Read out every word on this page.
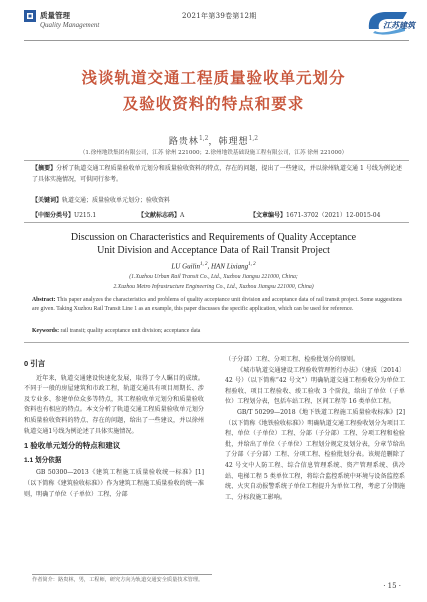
质量管理
Quality Management
2021年第39卷第12期
江苏建筑
浅谈轨道交通工程质量验收单元划分
及验收资料的特点和要求
路贵林$^{1,2}$，韩理想$^{1,2}$
（1.徐州地铁集团有限公司，江苏 徐州 221000；2.徐州地铁基础设施工程有限公司，江苏 徐州 221000）
【摘要】分析了轨道交通工程质量验收单元划分和质量验收资料的特点，存在的问题，提出了一些建议，并以徐州轨道交通 1 号线为例论述了具体实施情况，可供同行参考。
【关键词】轨道交通；质量验收单元划分；验收资料
【中图分类号】U215.1	【文献标志码】A	【文章编号】1671-3702（2021）12-0015-04
Discussion on Characteristics and Requirements of Quality Acceptance
Unit Division and Acceptance Data of Rail Transit Project
LU Guilin$^{1, 2}$, HAN Lixiang$^{1, 2}$
(1.Xuzhou Urban Rail Transit Co., Ltd., Xuzhou Jiangsu 221000, China;
2.Xuzhou Metro Infrastructure Engineering Co., Ltd., Xuzhou Jiangsu 221000, China)
Abstract: This paper analyzes the characteristics and problems of quality acceptance unit division and acceptance data of rail transit project. Some suggestions are given. Taking Xuzhou Rail Transit Line 1 as an example, this paper discusses the specific application, which can be used for reference.
Keywords: rail transit; quality acceptance unit division; acceptance data
0 引言

近年来，轨道交通建设快速化发展，取得了令人瞩目的成绩。不同于一般的房屋建筑和市政工程，轨道交通具有项目周期长、涉及专业多、参建单位众多等特点，其工程验收单元划分和质量验收资料也有相应的特点。本文分析了轨道交通工程质量验收单元划分和质量验收资料的特点、存在的问题，给出了一些建议，并以徐州轨道交通1号线为例论述了具体实施情况。

1 验收单元划分的特点和建议
1.1 划分依据

GB 50300—2013《建筑工程施工质量验收统一标准》[1]（以下简称《建筑验收标准》）作为建筑工程施工质量验收的统一准则，明确了单位（子单位）工程、分部

（子分部）工程、分项工程、检验批划分的原则。

《城市轨道交通建设工程验收管理暂行办法》（建质〔2014〕42 号）（以下简称“42 号文”）明确轨道交通工程验收分为单位工程验收、项目工程验收、竣工验收 3 个阶段，给出了单位（子单位）工程划分表，包括车站工程、区间工程等 16 类单位工程。

GB/T 50299—2018《地下铁道工程施工质量验收标准》[2]（以下简称《地铁验收标准》）明确轨道交通工程验收划分为项目工程、单位（子单位）工程、分部（子分部）工程、分项工程和检验批，并给出了单位（子单位）工程划分规定及划分表，分章节给出了分部（子分部）工程、分项工程、检验批划分表。该规范删除了 42 号文中人防工程、综合信息管理系统、资产管理系统、供冷站、电梯工程 5 类单位工程，将综合监控系统中环境与设备监控系统、火灾自动报警系统子单位工程提升为单位工程，考虑了分期施工、分标段施工影响。

作者简介：路贵林，男，工程师，研究方向为轨道交通安全质量技术管理。
· 15 ·
